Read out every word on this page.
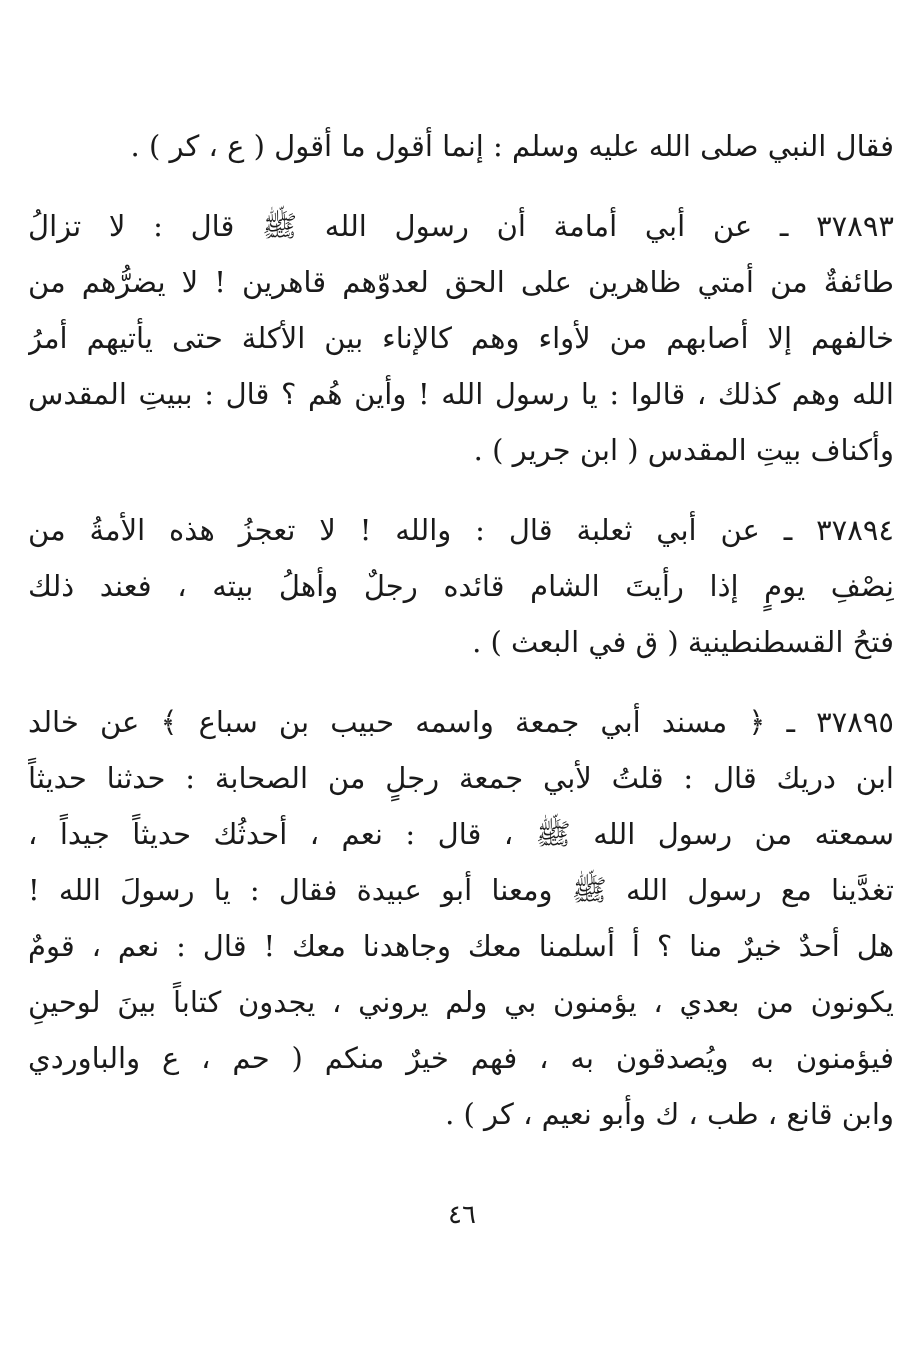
فقال النبي صلى الله عليه وسلم : إنما أقول ما أقول ( ع ، كر ) .
٣٧٨٩٣ ـ عن أبي أمامة أن رسول الله ﷺ قال : لا تزالُ
طائفةٌ من أمتي ظاهرين على الحق لعدوّهم قاهرين ! لا يضرُّهم من
خالفهم إلا أصابهم من لأواء وهم كالإناء بين الأكلة حتى يأتيهم أمرُ
الله وهم كذلك ، قالوا : يا رسول الله ! وأين هُم ؟ قال : ببيتِ المقدس
وأكناف بيتِ المقدس ( ابن جرير ) .
٣٧٨٩٤ ـ عن أبي ثعلبة قال : والله ! لا تعجزُ هذه الأمةُ من
نِصْفِ يومٍ إذا رأيتَ الشام قائده رجلٌ وأهلُ بيته ، فعند ذلك
فتحُ القسطنطينية ( ق في البعث ) .
٣٧٨٩٥ ـ ﴿ مسند أبي جمعة واسمه حبيب بن سباع ﴾ عن خالد
ابن دريك قال : قلتُ لأبي جمعة رجلٍ من الصحابة : حدثنا حديثاً
سمعته من رسول الله ﷺ ، قال : نعم ، أحدثُك حديثاً جيداً ،
تغدَّينا مع رسول الله ﷺ ومعنا أبو عبيدة فقال : يا رسولَ الله !
هل أحدٌ خيرٌ منا ؟ أ أسلمنا معك وجاهدنا معك ! قال : نعم ، قومٌ
يكونون من بعدي ، يؤمنون بي ولم يروني ، يجدون كتاباً بينَ لوحينِ
فيؤمنون به ويُصدقون به ، فهم خيرٌ منكم ( حم ، ع والباوردي
وابن قانع ، طب ، ك وأبو نعيم ، كر ) .
٤٦
